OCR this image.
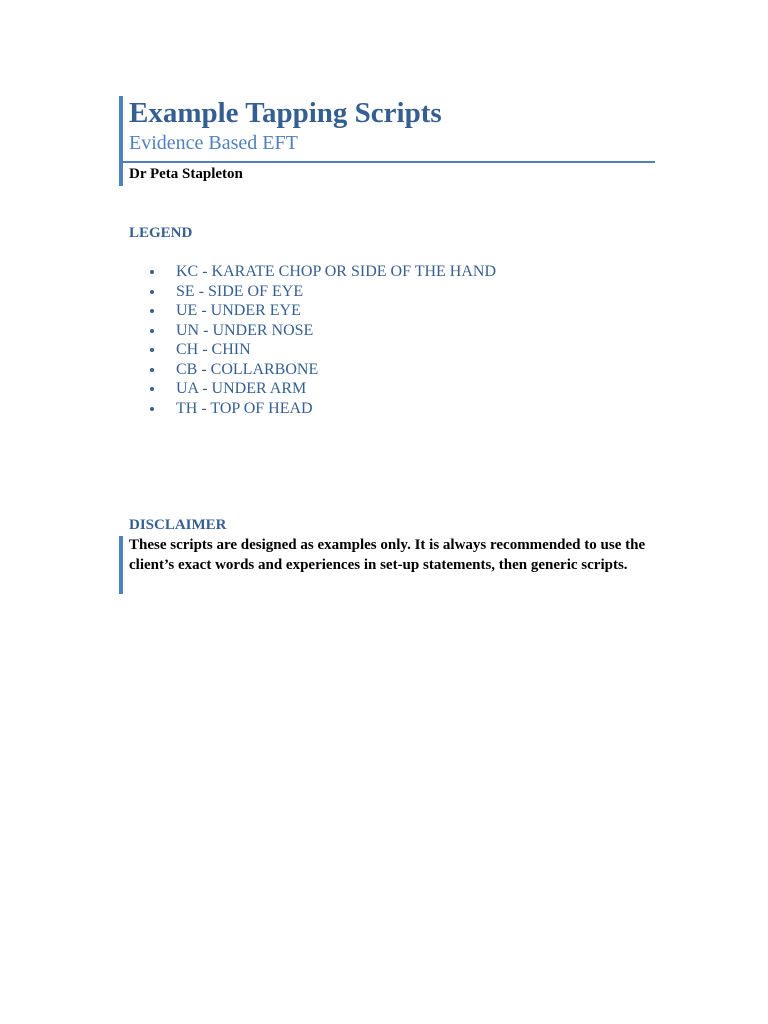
Example Tapping Scripts
Evidence Based EFT
Dr Peta Stapleton
LEGEND
KC - KARATE CHOP OR SIDE OF THE HAND
SE - SIDE OF EYE
UE - UNDER EYE
UN - UNDER NOSE
CH - CHIN
CB - COLLARBONE
UA - UNDER ARM
TH - TOP OF HEAD
DISCLAIMER
These scripts are designed as examples only. It is always recommended to use the client’s exact words and experiences in set-up statements, then generic scripts.
